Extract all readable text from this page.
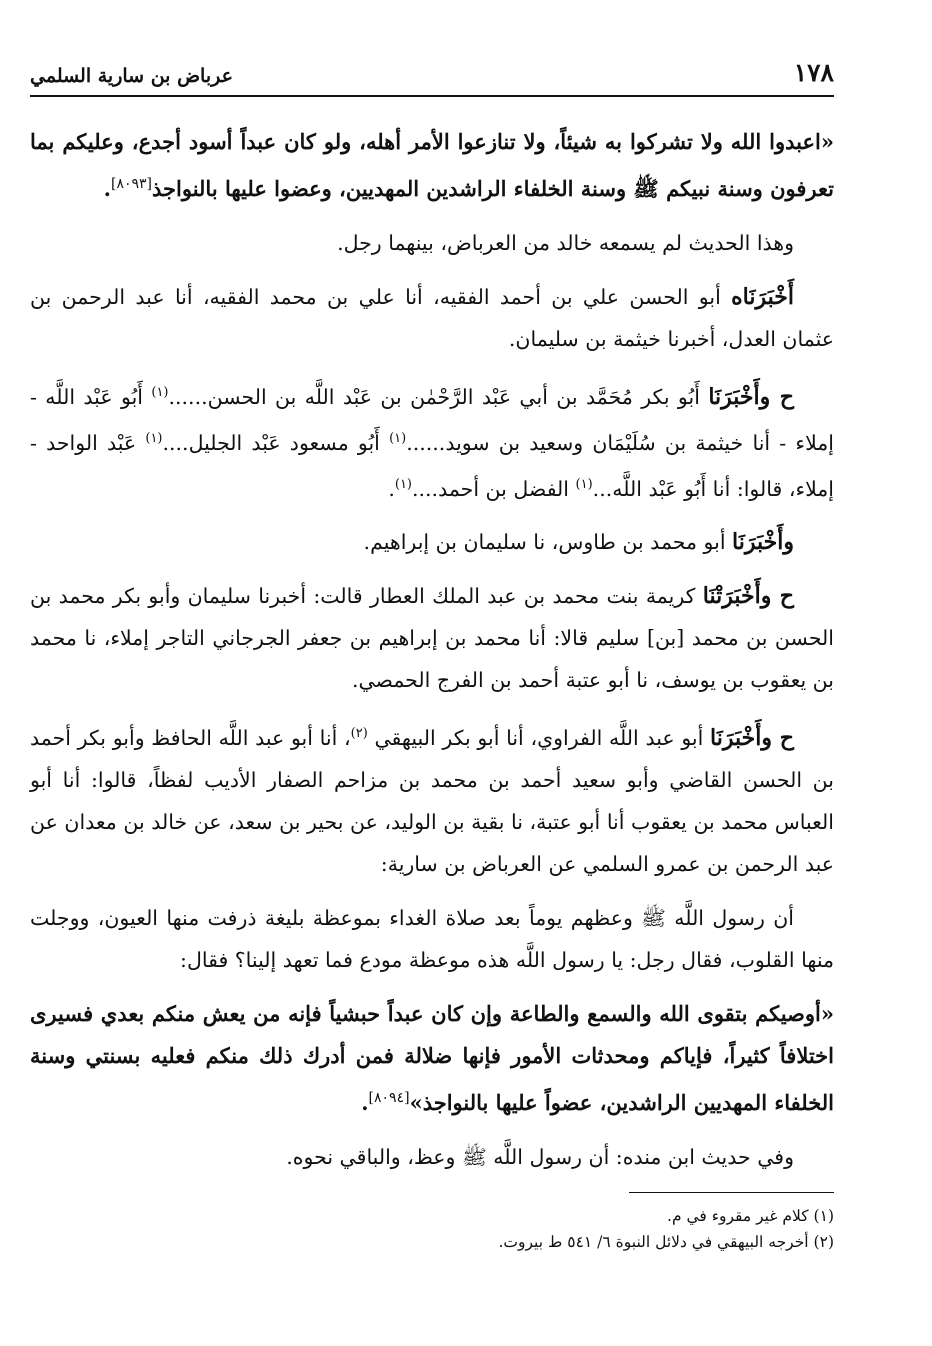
١٧٨
عرباض بن سارية السلمي

«اعبدوا الله ولا تشركوا به شيئاً، ولا تنازعوا الأمر أهله، ولو كان عبداً أسود أجدع، وعليكم بما تعرفون وسنة نبيكم ﷺ وسنة الخلفاء الراشدين المهديين، وعضوا عليها بالنواجذ[٨٠٩٣].

وهذا الحديث لم يسمعه خالد من العرباض، بينهما رجل.

أَخْبَرَنَاه أبو الحسن علي بن أحمد الفقيه، أنا علي بن محمد الفقيه، أنا عبد الرحمن بن عثمان العدل، أخبرنا خيثمة بن سليمان.

ح وأَخْبَرَنَا أَبُو بكر مُحَمَّد بن أبي عَبْد الرَّحْمٰن بن عَبْد اللَّه بن الحسن......$^{(١)}$ أَبُو عَبْد اللَّه - إملاء - أنا خيثمة بن سُلَيْمَان وسعيد بن سويد......$^{(١)}$ أَبُو مسعود عَبْد الجليل....$^{(١)}$ عَبْد الواحد - إملاء، قالوا: أنا أَبُو عَبْد اللَّه...$^{(١)}$ الفضل بن أحمد....$^{(١)}$.

وأَخْبَرَنَا أبو محمد بن طاوس، نا سليمان بن إبراهيم.

ح وأَخْبَرَتْنَا كريمة بنت محمد بن عبد الملك العطار قالت: أخبرنا سليمان وأبو بكر محمد بن الحسن بن محمد [بن] سليم قالا: أنا محمد بن إبراهيم بن جعفر الجرجاني التاجر إملاء، نا محمد بن يعقوب بن يوسف، نا أبو عتبة أحمد بن الفرج الحمصي.

ح وأَخْبَرَنَا أبو عبد اللَّه الفراوي، أنا أبو بكر البيهقي $^{(٢)}$، أنا أبو عبد اللَّه الحافظ وأبو بكر أحمد بن الحسن القاضي وأبو سعيد أحمد بن محمد بن مزاحم الصفار الأديب لفظاً، قالوا: أنا أبو العباس محمد بن يعقوب أنا أبو عتبة، نا بقية بن الوليد، عن بحير بن سعد، عن خالد بن معدان عن عبد الرحمن بن عمرو السلمي عن العرباض بن سارية:

أن رسول اللَّه ﷺ وعظهم يوماً بعد صلاة الغداء بموعظة بليغة ذرفت منها العيون، ووجلت منها القلوب، فقال رجل: يا رسول اللَّه هذه موعظة مودع فما تعهد إلينا؟ فقال:

«أوصيكم بتقوى الله والسمع والطاعة وإن كان عبداً حبشياً فإنه من يعش منكم بعدي فسيرى اختلافاً كثيراً، فإياكم ومحدثات الأمور فإنها ضلالة فمن أدرك ذلك منكم فعليه بسنتي وسنة الخلفاء المهديين الراشدين، عضواً عليها بالنواجذ»[٨٠٩٤].

وفي حديث ابن منده: أن رسول اللَّه ﷺ وعظ، والباقي نحوه.

(١) كلام غير مقروء في م.

(٢) أخرجه البيهقي في دلائل النبوة ٦/ ٥٤١ ط بيروت.
